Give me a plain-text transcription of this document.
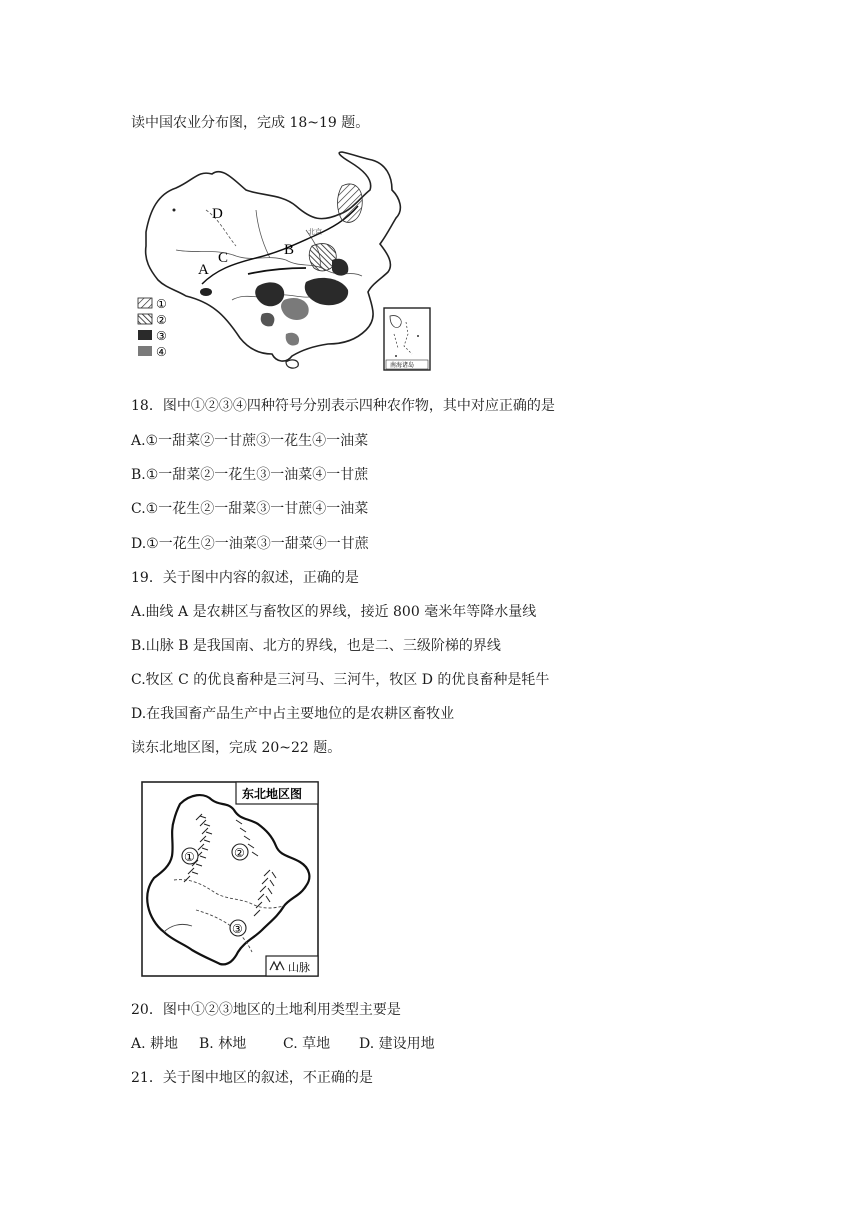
读中国农业分布图，完成 18~19 题。
D
C
A
B
北京
①
②
③
④
南海诸岛
18．图中①②③④四种符号分别表示四种农作物，其中对应正确的是
A.①一甜菜②一甘蔗③一花生④一油菜
B.①一甜菜②一花生③一油菜④一甘蔗
C.①一花生②一甜菜③一甘蔗④一油菜
D.①一花生②一油菜③一甜菜④一甘蔗
19．关于图中内容的叙述，正确的是
A.曲线 A 是农耕区与畜牧区的界线，接近 800 毫米年等降水量线
B.山脉 B 是我国南、北方的界线，也是二、三级阶梯的界线
C.牧区 C 的优良畜种是三河马、三河牛，牧区 D 的优良畜种是牦牛
D.在我国畜产品生产中占主要地位的是农耕区畜牧业
读东北地区图，完成 20~22 题。
东北地区图
①	②
③
山脉
20．图中①②③地区的土地利用类型主要是
A. 耕地 B. 林地	C. 草地 D. 建设用地
21．关于图中地区的叙述，不正确的是
